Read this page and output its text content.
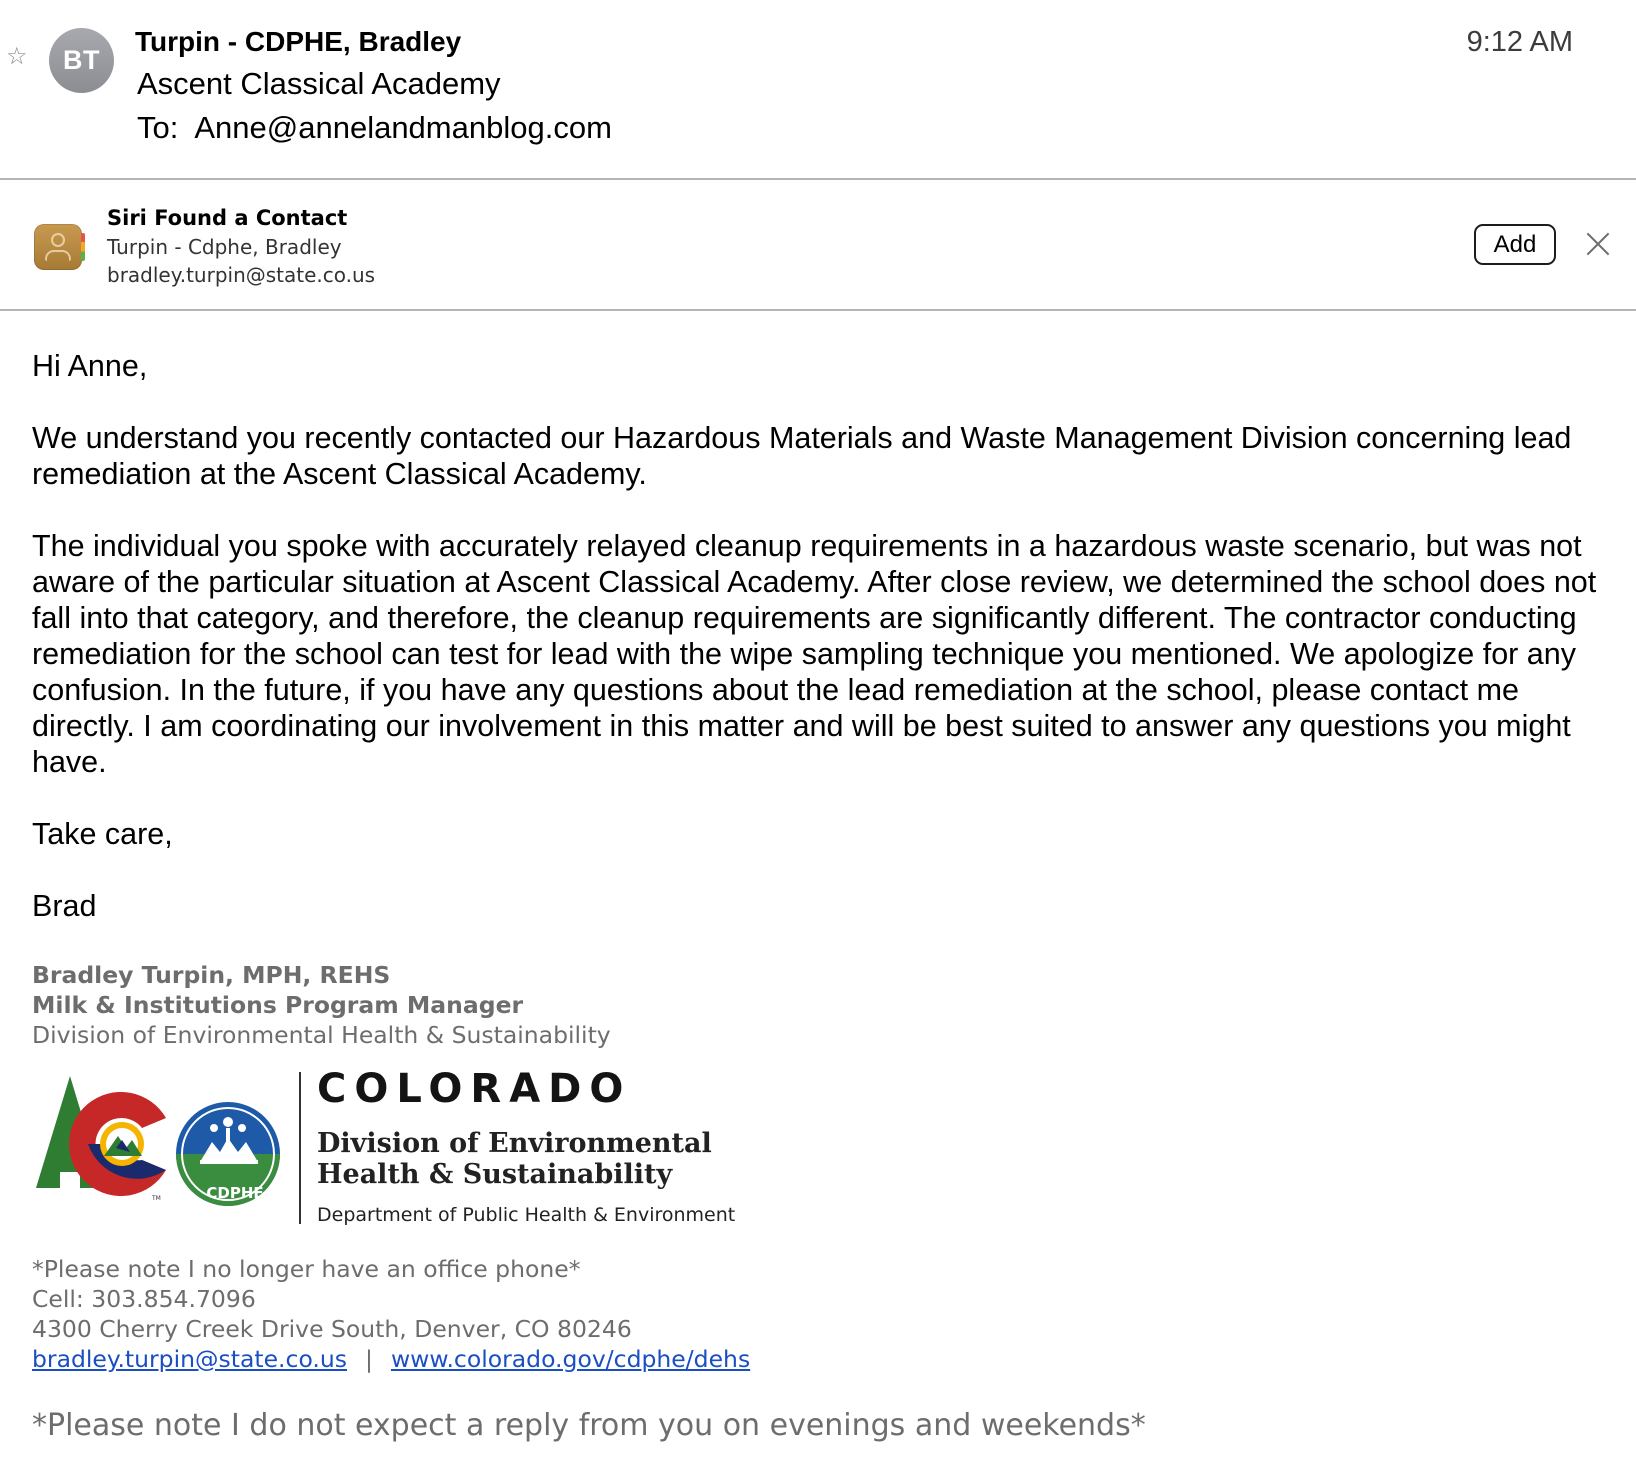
☆	BT
Turpin - CDPHE, Bradley
Ascent Classical Academy
To: Anne@annelandmanblog.com
9:12 AM
Siri Found a Contact
Turpin - Cdphe, Bradley
bradley.turpin@state.co.us
Add

Hi Anne,

We understand you recently contacted our Hazardous Materials and Waste Management Division concerning lead remediation at the Ascent Classical Academy.

The individual you spoke with accurately relayed cleanup requirements in a hazardous waste scenario, but was not aware of the particular situation at Ascent Classical Academy. After close review, we determined the school does not fall into that category, and therefore, the cleanup requirements are significantly different. The contractor conducting remediation for the school can test for lead with the wipe sampling technique you mentioned. We apologize for any confusion. In the future, if you have any questions about the lead remediation at the school, please contact me directly. I am coordinating our involvement in this matter and will be best suited to answer any questions you might have.

Take care,

Brad

Bradley Turpin, MPH, REHS

Milk & Institutions Program Manager

Division of Environmental Health & Sustainability

TM	CDPHE
COLORADO
Division of Environmental
Health & Sustainability
Department of Public Health & Environment

*Please note I no longer have an office phone*

Cell: 303.854.7096

4300 Cherry Creek Drive South, Denver, CO 80246

bradley.turpin@state.co.us | www.colorado.gov/cdphe/dehs

*Please note I do not expect a reply from you on evenings and weekends*
